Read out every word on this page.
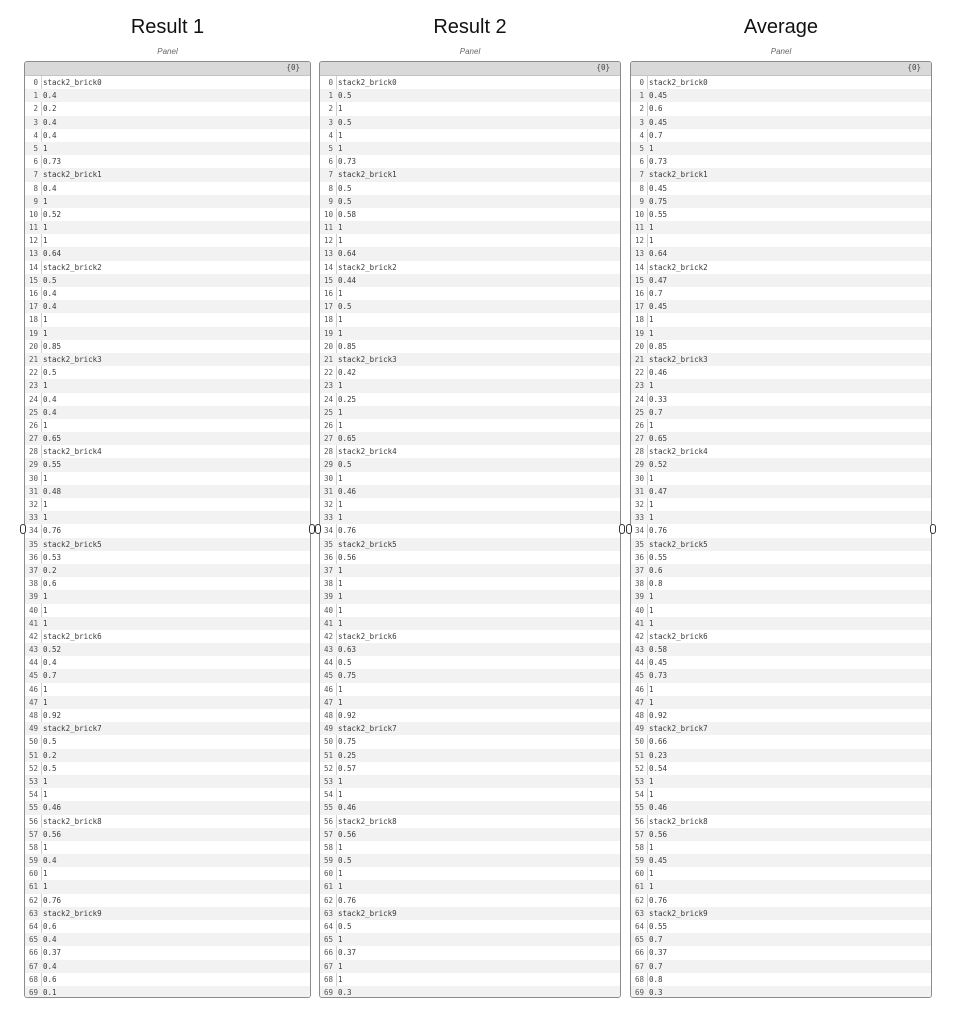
Result 1
Panel
{0}
0 stack2_brick0
1 0.4
2 0.2
3 0.4
4 0.4
5 1
6 0.73
7 stack2_brick1
8 0.4
9 1
10 0.52
11 1
12 1
13 0.64
14 stack2_brick2
15 0.5
16 0.4
17 0.4
18 1
19 1
20 0.85
21 stack2_brick3
22 0.5
23 1
24 0.4
25 0.4
26 1
27 0.65
28 stack2_brick4
29 0.55
30 1
31 0.48
32 1
33 1
34 0.76
35 stack2_brick5
36 0.53
37 0.2
38 0.6
39 1
40 1
41 1
42 stack2_brick6
43 0.52
44 0.4
45 0.7
46 1
47 1
48 0.92
49 stack2_brick7
50 0.5
51 0.2
52 0.5
53 1
54 1
55 0.46
56 stack2_brick8
57 0.56
58 1
59 0.4
60 1
61 1
62 0.76
63 stack2_brick9
64 0.6
65 0.4
66 0.37
67 0.4
68 0.6
69 0.1
Result 2
Panel
{0}
0 stack2_brick0
1 0.5
2 1
3 0.5
4 1
5 1
6 0.73
7 stack2_brick1
8 0.5
9 0.5
10 0.58
11 1
12 1
13 0.64
14 stack2_brick2
15 0.44
16 1
17 0.5
18 1
19 1
20 0.85
21 stack2_brick3
22 0.42
23 1
24 0.25
25 1
26 1
27 0.65
28 stack2_brick4
29 0.5
30 1
31 0.46
32 1
33 1
34 0.76
35 stack2_brick5
36 0.56
37 1
38 1
39 1
40 1
41 1
42 stack2_brick6
43 0.63
44 0.5
45 0.75
46 1
47 1
48 0.92
49 stack2_brick7
50 0.75
51 0.25
52 0.57
53 1
54 1
55 0.46
56 stack2_brick8
57 0.56
58 1
59 0.5
60 1
61 1
62 0.76
63 stack2_brick9
64 0.5
65 1
66 0.37
67 1
68 1
69 0.3
Average
Panel
{0}
0 stack2_brick0
1 0.45
2 0.6
3 0.45
4 0.7
5 1
6 0.73
7 stack2_brick1
8 0.45
9 0.75
10 0.55
11 1
12 1
13 0.64
14 stack2_brick2
15 0.47
16 0.7
17 0.45
18 1
19 1
20 0.85
21 stack2_brick3
22 0.46
23 1
24 0.33
25 0.7
26 1
27 0.65
28 stack2_brick4
29 0.52
30 1
31 0.47
32 1
33 1
34 0.76
35 stack2_brick5
36 0.55
37 0.6
38 0.8
39 1
40 1
41 1
42 stack2_brick6
43 0.58
44 0.45
45 0.73
46 1
47 1
48 0.92
49 stack2_brick7
50 0.66
51 0.23
52 0.54
53 1
54 1
55 0.46
56 stack2_brick8
57 0.56
58 1
59 0.45
60 1
61 1
62 0.76
63 stack2_brick9
64 0.55
65 0.7
66 0.37
67 0.7
68 0.8
69 0.3
